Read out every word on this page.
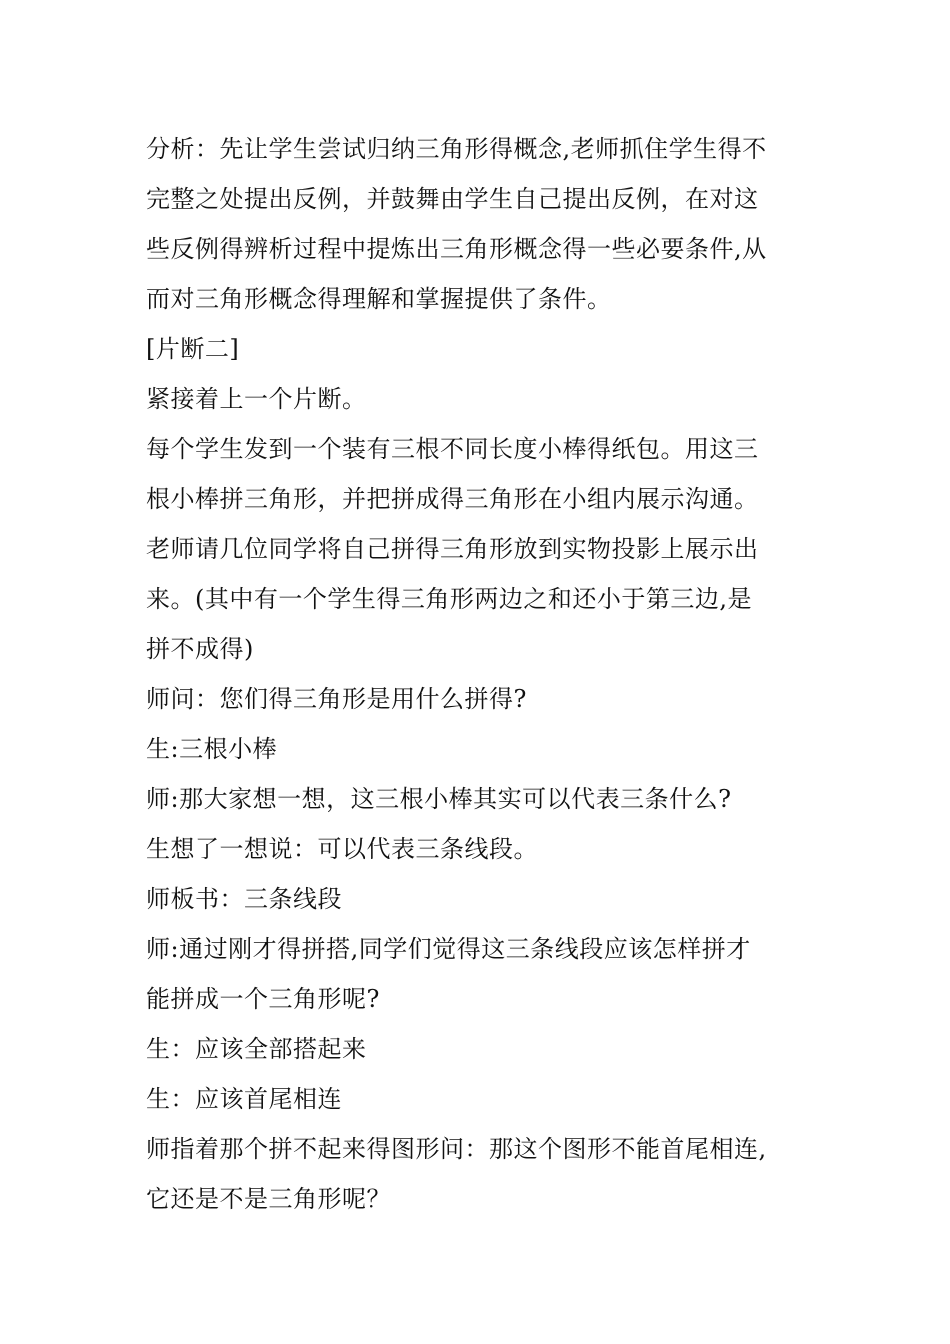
分析：先让学生尝试归纳三角形得概念,老师抓住学生得不
完整之处提出反例，并鼓舞由学生自己提出反例，在对这
些反例得辨析过程中提炼出三角形概念得一些必要条件,从
而对三角形概念得理解和掌握提供了条件。
[片断二]
紧接着上一个片断。
每个学生发到一个装有三根不同长度小棒得纸包。用这三
根小棒拼三角形，并把拼成得三角形在小组内展示沟通。
老师请几位同学将自己拼得三角形放到实物投影上展示出
来。(其中有一个学生得三角形两边之和还小于第三边,是
拼不成得)
师问：您们得三角形是用什么拼得?
生:三根小棒
师:那大家想一想，这三根小棒其实可以代表三条什么?
生想了一想说：可以代表三条线段。
师板书：三条线段
师:通过刚才得拼搭,同学们觉得这三条线段应该怎样拼才
能拼成一个三角形呢?
生：应该全部搭起来
生：应该首尾相连
师指着那个拼不起来得图形问：那这个图形不能首尾相连,
它还是不是三角形呢？
